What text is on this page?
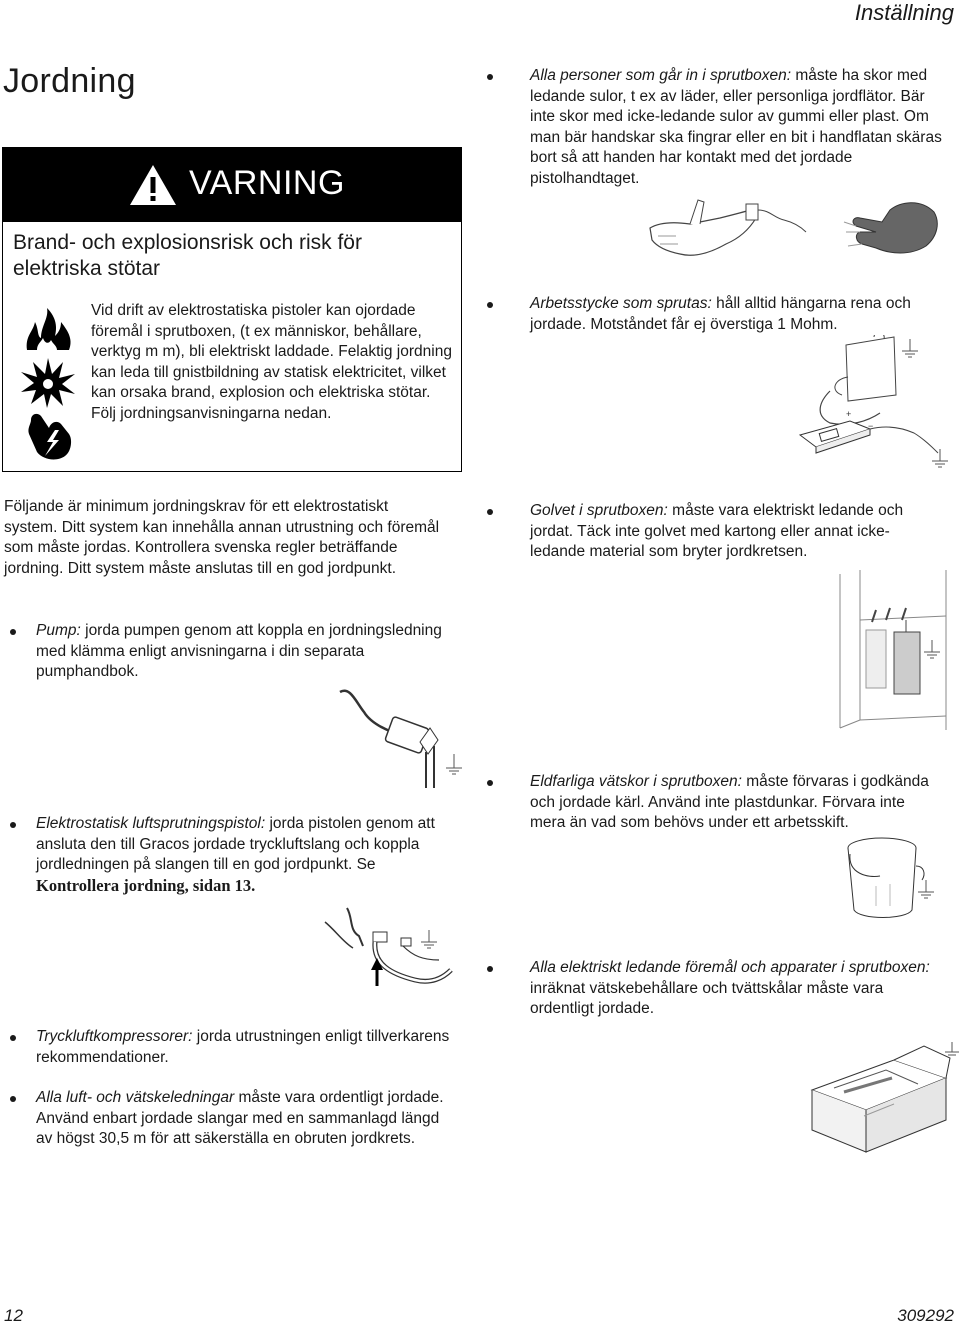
Inställning
Jordning
VARNING
Brand- och explosionsrisk och risk för elektriska stötar
Vid drift av elektrostatiska pistoler kan ojordade föremål i sprutboxen, (t ex människor, behållare, verktyg m m), bli elektriskt laddade. Felaktig jordning kan leda till gnistbildning av statisk elektricitet, vilket kan orsaka brand, explosion och elektriska stötar. Följ jordningsanvisningarna nedan.
Följande är minimum jordningskrav för ett elektrostatiskt system. Ditt system kan innehålla annan utrustning och föremål som måste jordas. Kontrollera svenska regler beträffande jordning. Ditt system måste anslutas till en god jordpunkt.
Pump: jorda pumpen genom att koppla en jordningsledning med klämma enligt anvisningarna i din separata pumphandbok.
Elektrostatisk luftsprutningspistol: jorda pistolen genom att ansluta den till Gracos jordade tryckluftslang och koppla jordledningen på slangen till en god jordpunkt. Se Kontrollera jordning, sidan 13.
Tryckluftkompressorer: jorda utrustningen enligt tillverkarens rekommendationer.
Alla luft- och vätskeledningar måste vara ordentligt jordade. Använd enbart jordade slangar med en sammanlagd längd av högst 30,5 m för att säkerställa en obruten jordkrets.
Alla personer som går in i sprutboxen: måste ha skor med ledande sulor, t ex av läder, eller personliga jordflätor. Bär inte skor med icke-ledande sulor av gummi eller plast. Om man bär handskar ska fingrar eller en bit i handflatan skäras bort så att handen har kontakt med det jordade pistolhandtaget.
Arbetsstycke som sprutas: håll alltid hängarna rena och jordade. Motståndet får ej överstiga 1 Mohm.
+
−
Golvet i sprutboxen: måste vara elektriskt ledande och jordat. Täck inte golvet med kartong eller annat icke-ledande material som bryter jordkretsen.
Eldfarliga vätskor i sprutboxen: måste förvaras i godkända och jordade kärl. Använd inte plastdunkar. Förvara inte mera än vad som behövs under ett arbetsskift.
Alla elektriskt ledande föremål och apparater i sprutboxen: inräknat vätskebehållare och tvättskålar måste vara ordentligt jordade.
12	309292
